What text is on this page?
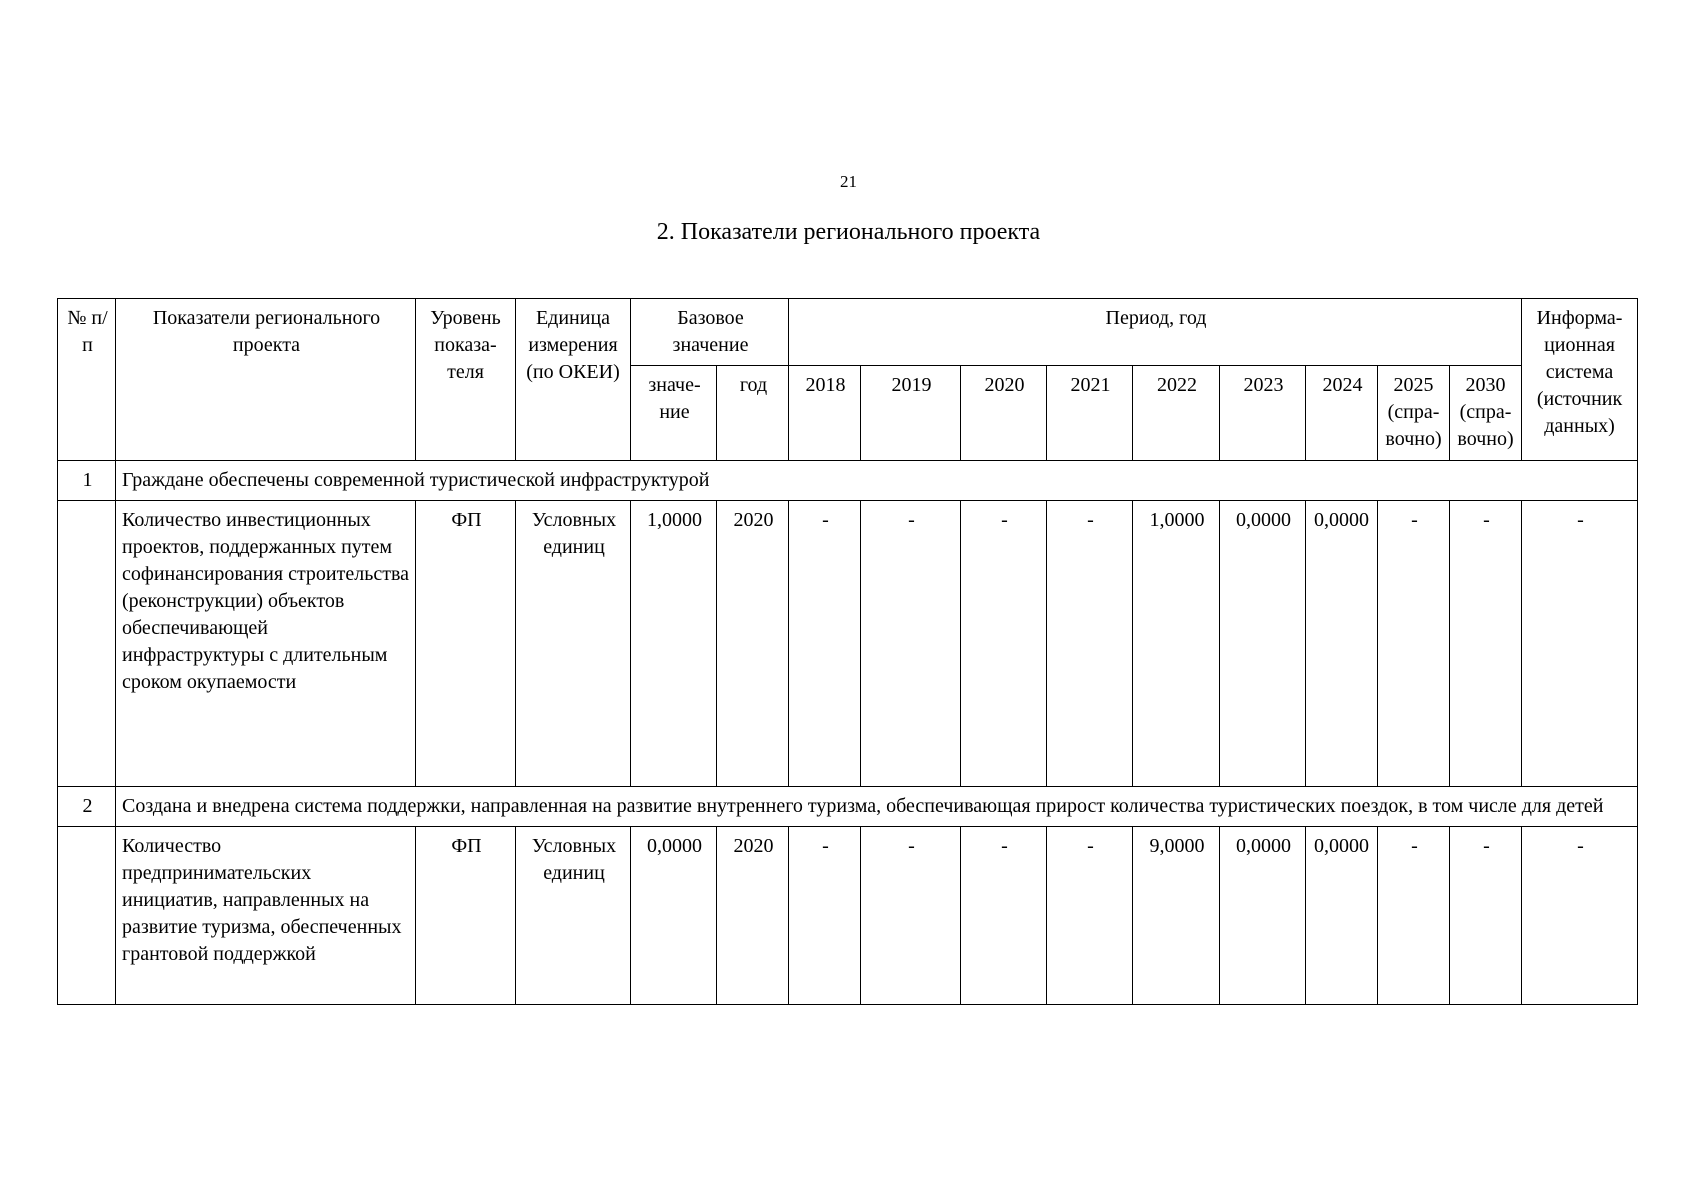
21
2. Показатели регионального проекта
№ п/п	Показатели регионального проекта	Уровень показа-теля	Единица измерения (по ОКЕИ)	Базовое значение		Период, год									Информа-ционная система (источник данных)
				значе-ние	год	2018	2019	2020	2021	2022	2023	2024	2025 (спра-вочно)	2030 (спра-вочно)	
1	Граждане обеспечены современной туристической инфраструктурой														
	Количество инвестиционных проектов, поддержанных путем софинансирования строительства (реконструкции) объектов обеспечивающей инфраструктуры с длительным сроком окупаемости	ФП	Условных единиц	1,0000	2020	-	-	-	-	1,0000	0,0000	0,0000	-	-	-
2	Создана и внедрена система поддержки, направленная на развитие внутреннего туризма, обеспечивающая прирост количества туристических поездок, в том числе для детей														
	Количество предпринимательских инициатив, направленных на развитие туризма, обеспеченных грантовой поддержкой	ФП	Условных единиц	0,0000	2020	-	-	-	-	9,0000	0,0000	0,0000	-	-	-
